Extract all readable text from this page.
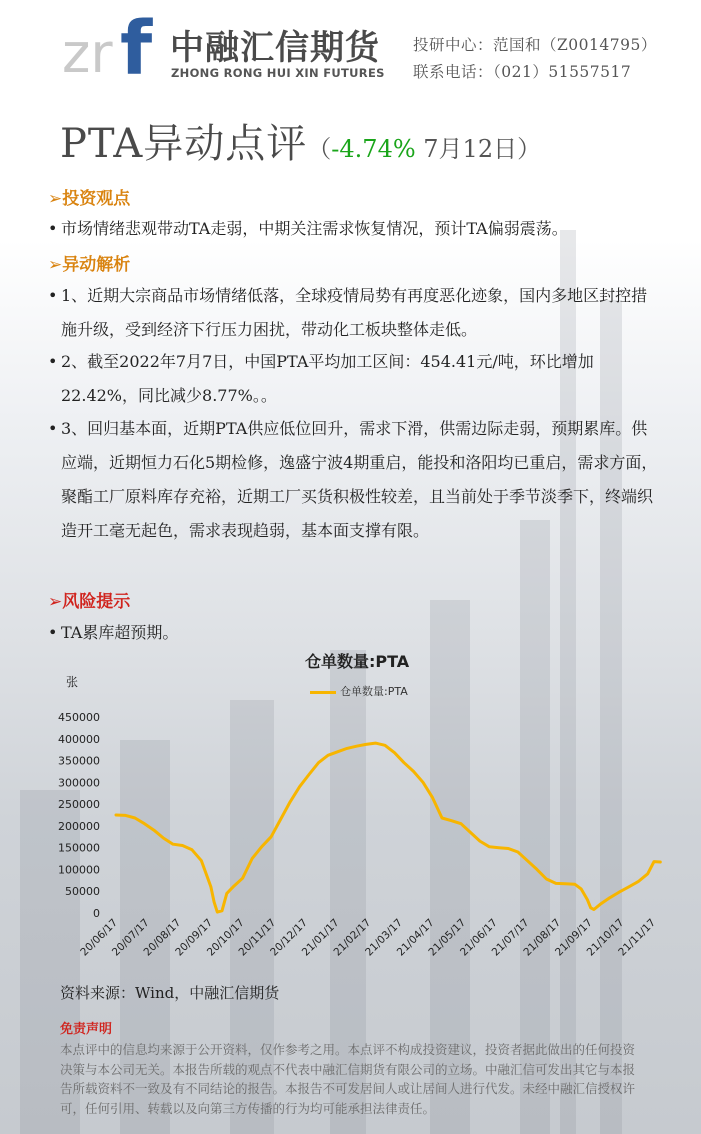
zr f 中融汇信期货
ZHONG RONG HUI XIN FUTURES
投研中心：范国和（Z0014795）
联系电话：（021）51557517
PTA异动点评（-4.74% 7月12日）
➢投资观点
• 市场情绪悲观带动TA走弱，中期关注需求恢复情况，预计TA偏弱震荡。
➢异动解析
• 1、近期大宗商品市场情绪低落，全球疫情局势有再度恶化迹象，国内多地区封控措施升级，受到经济下行压力困扰，带动化工板块整体走低。
• 2、截至2022年7月7日，中国PTA平均加工区间：454.41元/吨，环比增加22.42%，同比减少8.77%。。
• 3、回归基本面，近期PTA供应低位回升，需求下滑，供需边际走弱，预期累库。供应端，近期恒力石化5期检修，逸盛宁波4期重启，能投和洛阳均已重启，需求方面，聚酯工厂原料库存充裕，近期工厂买货积极性较差，且当前处于季节淡季下，终端织造开工毫无起色，需求表现趋弱，基本面支撑有限。
➢风险提示
• TA累库超预期。
仓单数量:PTA
张
仓单数量:PTA
0
50000
100000
150000
200000
250000
300000
350000
400000
450000
20/06/17
20/07/17
20/08/17
20/09/17
20/10/17
20/11/17
20/12/17
21/01/17
21/02/17
21/03/17
21/04/17
21/05/17
21/06/17
21/07/17
21/08/17
21/09/17
21/10/17
21/11/17
资料来源：Wind，中融汇信期货
免责声明
本点评中的信息均来源于公开资料，仅作参考之用。本点评不构成投资建议，投资者据此做出的任何投资决策与本公司无关。本报告所载的观点不代表中融汇信期货有限公司的立场。中融汇信可发出其它与本报告所载资料不一致及有不同结论的报告。本报告不可发居间人或让居间人进行代发。未经中融汇信授权许可，任何引用、转载以及向第三方传播的行为均可能承担法律责任。
